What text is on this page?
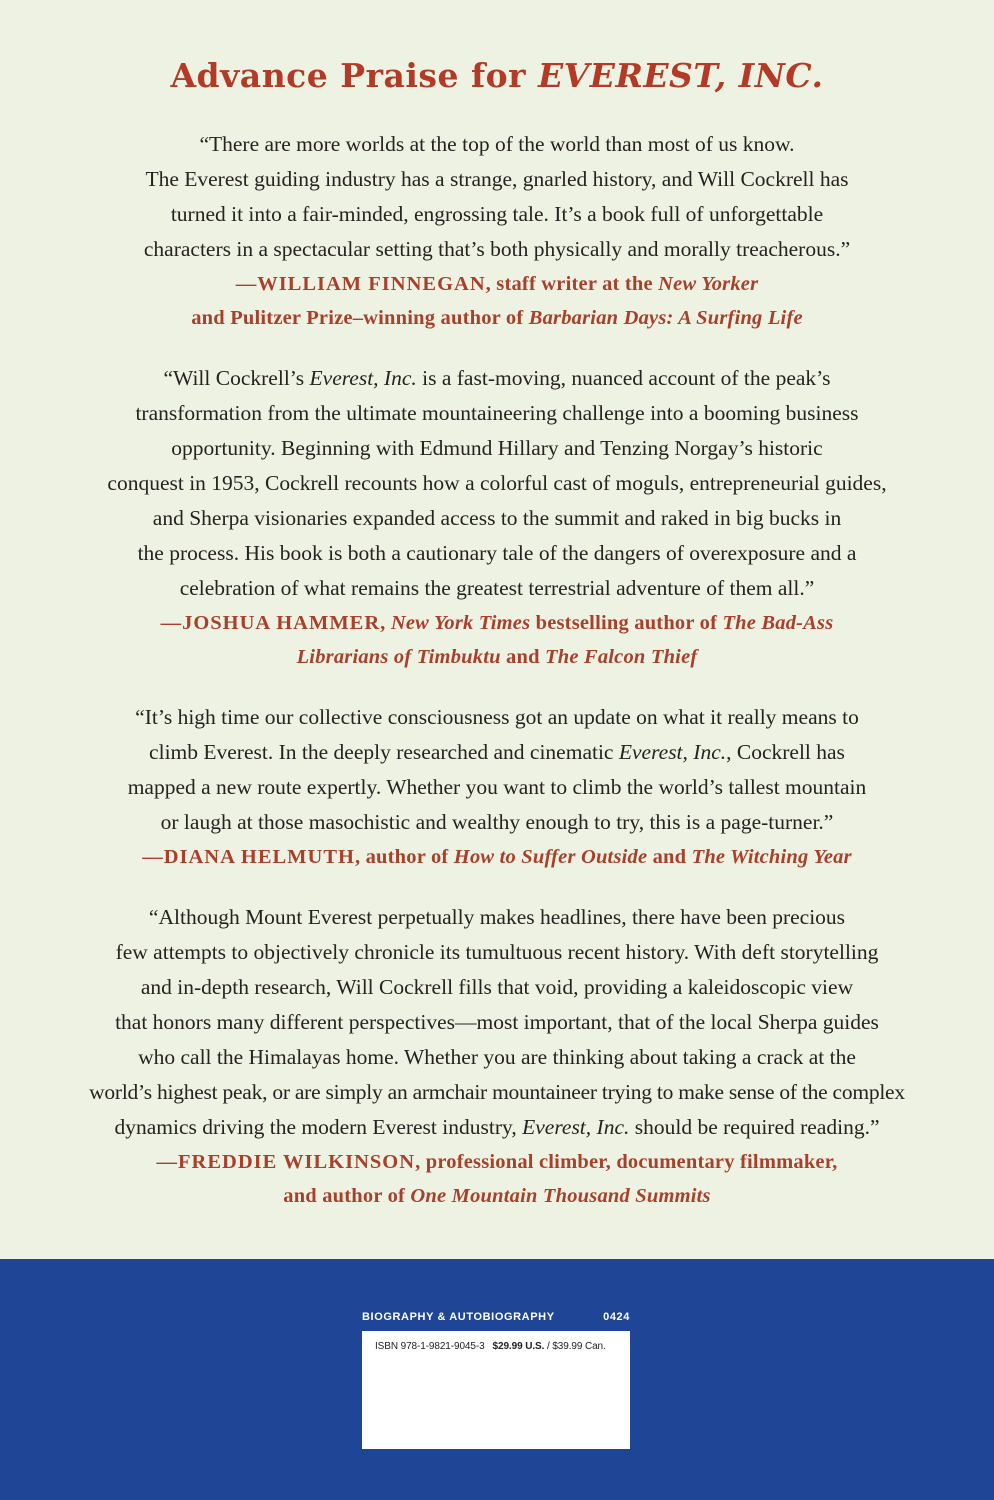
Advance Praise for EVEREST, INC.
“There are more worlds at the top of the world than most of us know.
The Everest guiding industry has a strange, gnarled history, and Will Cockrell has
turned it into a fair-minded, engrossing tale. It’s a book full of unforgettable
characters in a spectacular setting that’s both physically and morally treacherous.”
—WILLIAM FINNEGAN, staff writer at the New Yorker
and Pulitzer Prize–winning author of Barbarian Days: A Surfing Life
“Will Cockrell’s Everest, Inc. is a fast-moving, nuanced account of the peak’s
transformation from the ultimate mountaineering challenge into a booming business
opportunity. Beginning with Edmund Hillary and Tenzing Norgay’s historic
conquest in 1953, Cockrell recounts how a colorful cast of moguls, entrepreneurial guides,
and Sherpa visionaries expanded access to the summit and raked in big bucks in
the process. His book is both a cautionary tale of the dangers of overexposure and a
celebration of what remains the greatest terrestrial adventure of them all.”
—JOSHUA HAMMER, New York Times bestselling author of The Bad-Ass
Librarians of Timbuktu and The Falcon Thief
“It’s high time our collective consciousness got an update on what it really means to
climb Everest. In the deeply researched and cinematic Everest, Inc., Cockrell has
mapped a new route expertly. Whether you want to climb the world’s tallest mountain
or laugh at those masochistic and wealthy enough to try, this is a page-turner.”
—DIANA HELMUTH, author of How to Suffer Outside and The Witching Year
“Although Mount Everest perpetually makes headlines, there have been precious
few attempts to objectively chronicle its tumultuous recent history. With deft storytelling
and in-depth research, Will Cockrell fills that void, providing a kaleidoscopic view
that honors many different perspectives—most important, that of the local Sherpa guides
who call the Himalayas home. Whether you are thinking about taking a crack at the
world’s highest peak, or are simply an armchair mountaineer trying to make sense of the complex
dynamics driving the modern Everest industry, Everest, Inc. should be required reading.”
—FREDDIE WILKINSON, professional climber, documentary filmmaker,
and author of One Mountain Thousand Summits
BIOGRAPHY & AUTOBIOGRAPHY	0424
ISBN 978-1-9821-9045-3 $29.99 U.S. / $39.99 Can.
